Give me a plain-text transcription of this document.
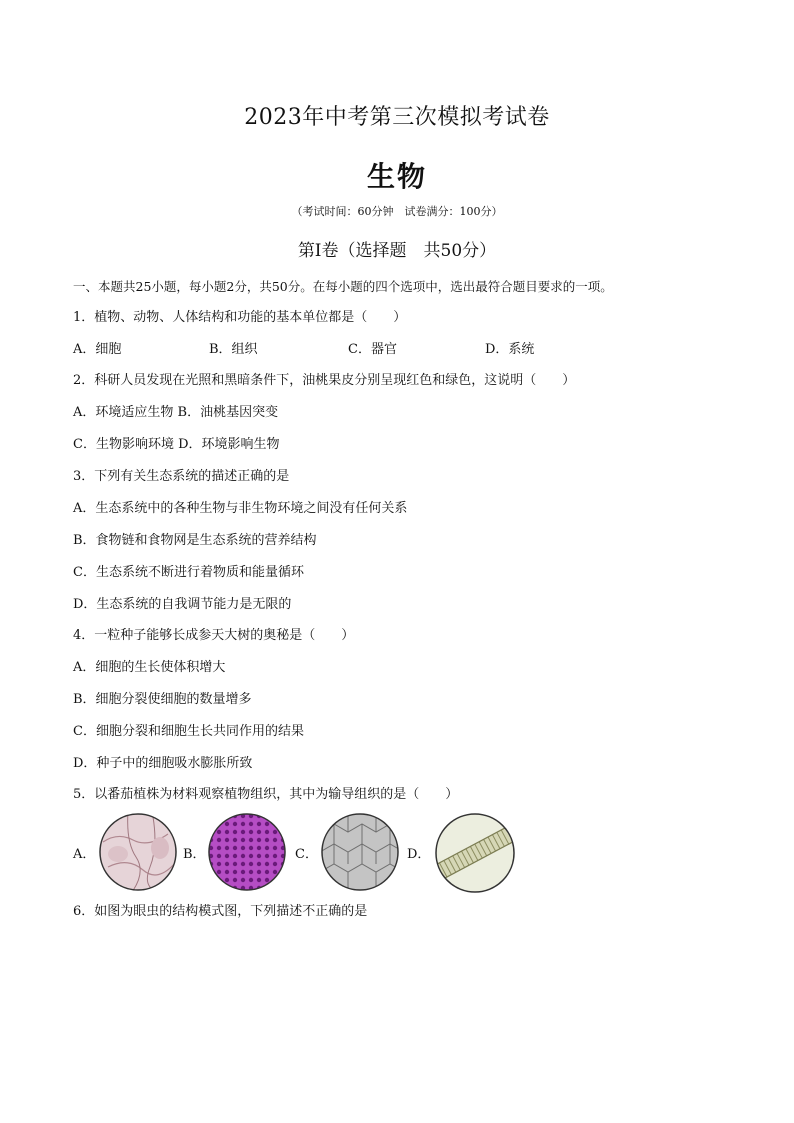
2023年中考第三次模拟考试卷
生物
（考试时间：60分钟　试卷满分：100分）
第Ⅰ卷（选择题　共50分）
一、本题共25小题，每小题2分，共50分。在每小题的四个选项中，选出最符合题目要求的一项。
1．植物、动物、人体结构和功能的基本单位都是（　　）
A．细胞	B．组织	C．器官	D．系统
2．科研人员发现在光照和黑暗条件下，油桃果皮分别呈现红色和绿色，这说明（　　）
A．环境适应生物 B．油桃基因突变
C．生物影响环境 D．环境影响生物
3．下列有关生态系统的描述正确的是
A．生态系统中的各种生物与非生物环境之间没有任何关系
B．食物链和食物网是生态系统的营养结构
C．生态系统不断进行着物质和能量循环
D．生态系统的自我调节能力是无限的
4．一粒种子能够长成参天大树的奥秘是（　　）
A．细胞的生长使体积增大
B．细胞分裂使细胞的数量增多
C．细胞分裂和细胞生长共同作用的结果
D．种子中的细胞吸水膨胀所致
5．以番茄植株为材料观察植物组织，其中为输导组织的是（　　）
A．	B．	C．	D．
6．如图为眼虫的结构模式图，下列描述不正确的是
